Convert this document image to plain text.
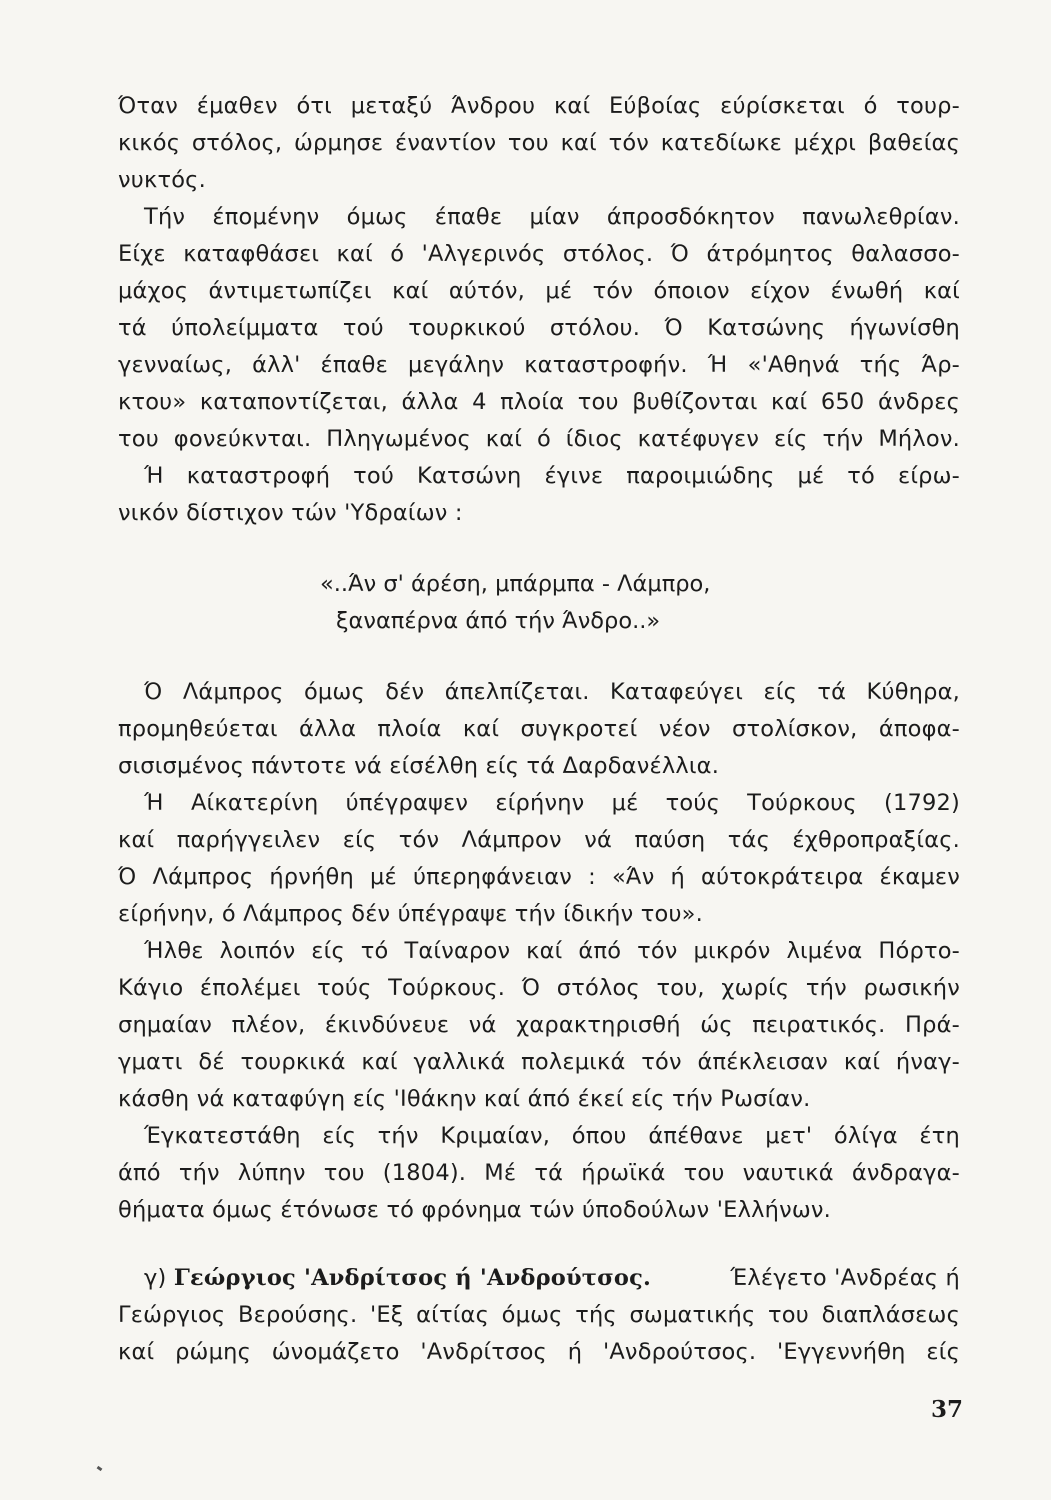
Όταν έμαθεν ότι μεταξύ Άνδρου καί Εύβοίας εύρίσκεται ό τουρ-
κικός στόλος, ώρμησε έναντίον του καί τόν κατεδίωκε μέχρι βαθείας
νυκτός.
Τήν έπομένην όμως έπαθε μίαν άπροσδόκητον πανωλεθρίαν.
Είχε καταφθάσει καί ό 'Αλγερινός στόλος. Ό άτρόμητος θαλασσο-
μάχος άντιμετωπίζει καί αύτόν, μέ τόν όποιον είχον ένωθή καί
τά ύπολείμματα τού τουρκικού στόλου. Ό Κατσώνης ήγωνίσθη
γενναίως, άλλ' έπαθε μεγάλην καταστροφήν. Ή «'Αθηνά τής Άρ-
κτου» καταποντίζεται, άλλα 4 πλοία του βυθίζονται καί 650 άνδρες
του φονεύκνται. Πληγωμένος καί ό ίδιος κατέφυγεν είς τήν Μήλον.
Ή καταστροφή τού Κατσώνη έγινε παροιμιώδης μέ τό είρω-
νικόν δίστιχον τών 'Υδραίων :
«..Άν σ' άρέση, μπάρμπα - Λάμπρο,
ξαναπέρνα άπό τήν Άνδρο..»
Ό Λάμπρος όμως δέν άπελπίζεται. Καταφεύγει είς τά Κύθηρα,
προμηθεύεται άλλα πλοία καί συγκροτεί νέον στολίσκον, άποφα-
σισισμένος πάντοτε νά είσέλθη είς τά Δαρδανέλλια.
Ή Αίκατερίνη ύπέγραψεν είρήνην μέ τούς Τούρκους (1792)
καί παρήγγειλεν είς τόν Λάμπρον νά παύση τάς έχθροπραξίας.
Ό Λάμπρος ήρνήθη μέ ύπερηφάνειαν : «Άν ή αύτοκράτειρα έκαμεν
είρήνην, ό Λάμπρος δέν ύπέγραψε τήν ίδικήν του».
Ήλθε λοιπόν είς τό Ταίναρον καί άπό τόν μικρόν λιμένα Πόρτο-
Κάγιο έπολέμει τούς Τούρκους. Ό στόλος του, χωρίς τήν ρωσικήν
σημαίαν πλέον, έκινδύνευε νά χαρακτηρισθή ώς πειρατικός. Πρά-
γματι δέ τουρκικά καί γαλλικά πολεμικά τόν άπέκλεισαν καί ήναγ-
κάσθη νά καταφύγη είς 'Ιθάκην καί άπό έκεί είς τήν Ρωσίαν.
Έγκατεστάθη είς τήν Κριμαίαν, όπου άπέθανε μετ' όλίγα έτη
άπό τήν λύπην του (1804). Μέ τά ήρωϊκά του ναυτικά άνδραγα-
θήματα όμως έτόνωσε τό φρόνημα τών ύποδούλων 'Ελλήνων.
γ) Γεώργιος 'Ανδρίτσος ή 'Ανδρούτσος.	Έλέγετο 'Ανδρέας ή
Γεώργιος Βερούσης. 'Εξ αίτίας όμως τής σωματικής του διαπλάσεως
καί ρώμης ώνομάζετο 'Ανδρίτσος ή 'Ανδρούτσος. 'Εγγεννήθη είς
37
